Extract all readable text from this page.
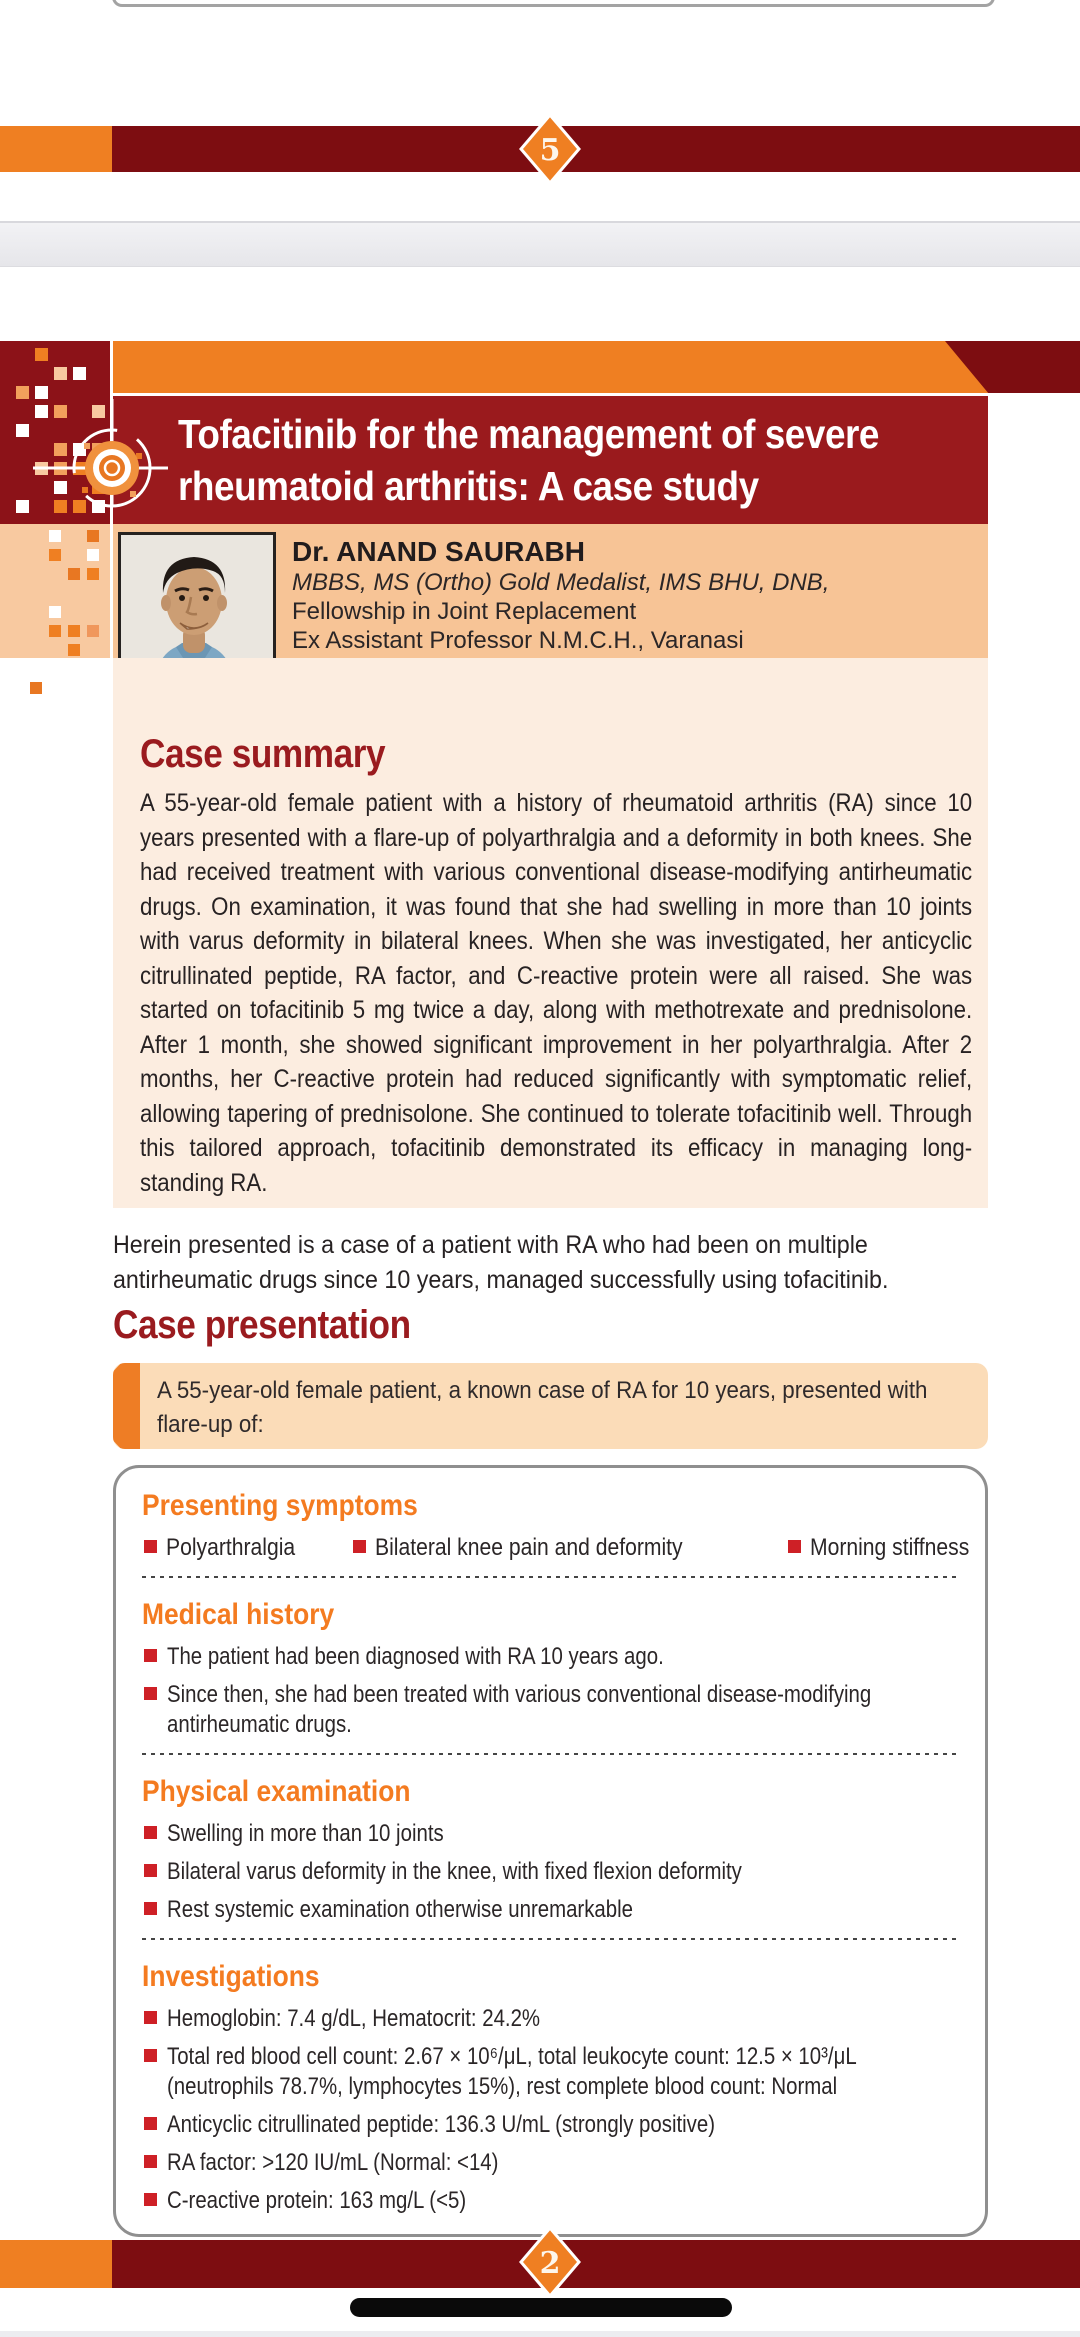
5
Tofacitinib for the management of severe
rheumatoid arthritis: A case study
Dr. ANAND SAURABH
MBBS, MS (Ortho) Gold Medalist, IMS BHU, DNB,
Fellowship in Joint Replacement
Ex Assistant Professor N.M.C.H., Varanasi
Case summary

A 55-year-old female patient with a history of rheumatoid arthritis (RA) since 10 years presented with a flare-up of polyarthralgia and a deformity in both knees. She had received treatment with various conventional disease-modifying antirheumatic drugs. On examination, it was found that she had swelling in more than 10 joints with varus deformity in bilateral knees. When she was investigated, her anticyclic citrullinated peptide, RA factor, and C-reactive protein were all raised. She was started on tofacitinib 5 mg twice a day, along with methotrexate and prednisolone. After 1 month, she showed significant improvement in her polyarthralgia. After 2 months, her C-reactive protein had reduced significantly with symptomatic relief, allowing tapering of prednisolone. She continued to tolerate tofacitinib well. Through this tailored approach, tofacitinib demonstrated its efficacy in managing long-standing RA.

Herein presented is a case of a patient with RA who had been on multiple antirheumatic drugs since 10 years, managed successfully using tofacitinib.

Case presentation
A 55-year-old female patient, a known case of RA for 10 years, presented with flare-up of:
Presenting symptoms
Polyarthralgia	Bilateral knee pain and deformity	Morning stiffness
Medical history
The patient had been diagnosed with RA 10 years ago.
Since then, she had been treated with various conventional disease-modifying antirheumatic drugs.
Physical examination
Swelling in more than 10 joints
Bilateral varus deformity in the knee, with fixed flexion deformity
Rest systemic examination otherwise unremarkable
Investigations
Hemoglobin: 7.4 g/dL, Hematocrit: 24.2%
Total red blood cell count: 2.67 × 10⁶/μL, total leukocyte count: 12.5 × 10³/μL (neutrophils 78.7%, lymphocytes 15%), rest complete blood count: Normal
Anticyclic citrullinated peptide: 136.3 U/mL (strongly positive)
RA factor: >120 IU/mL (Normal: <14)
C-reactive protein: 163 mg/L (<5)
2
